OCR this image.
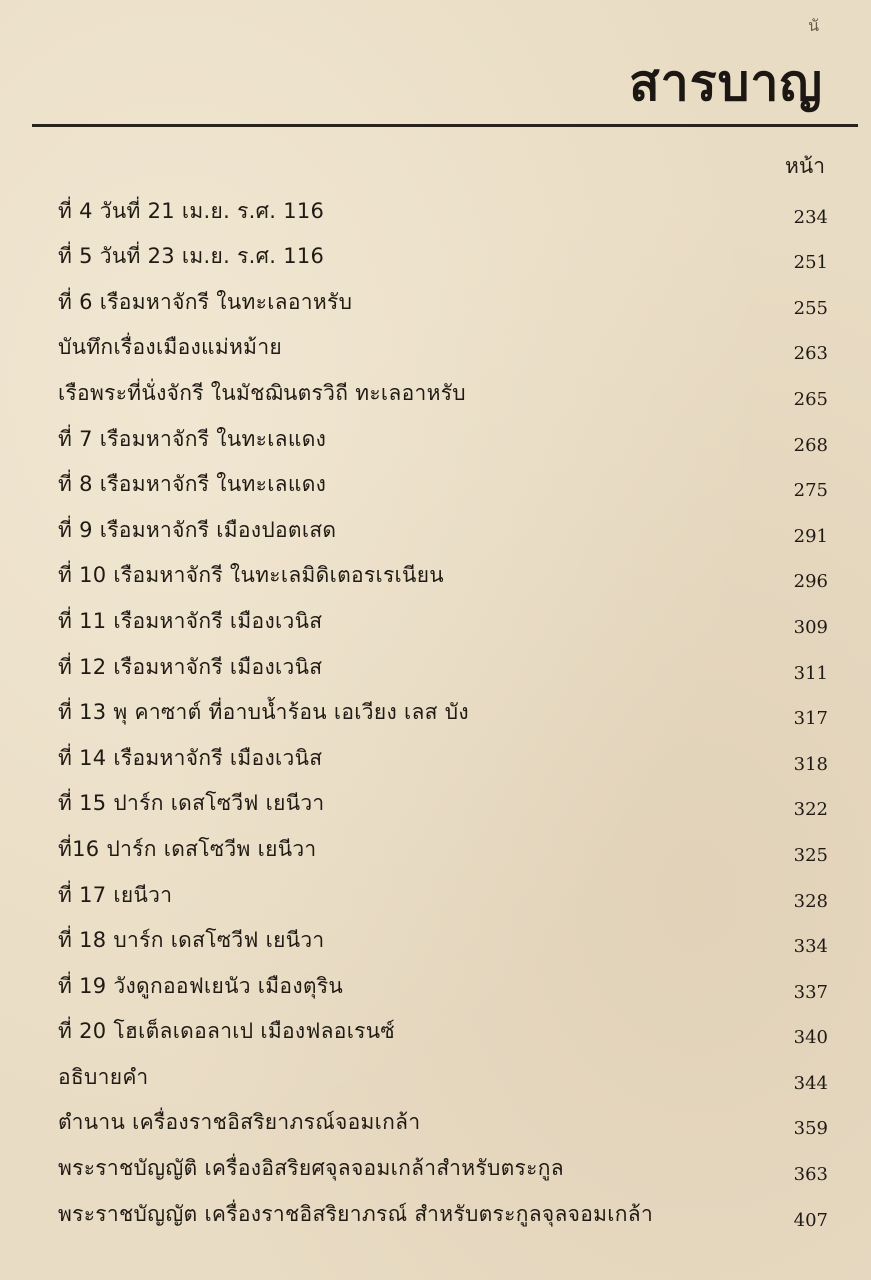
นั
สารบาญ
หน้า
ที่ 4 วันที่ 21 เม.ย. ร.ศ. 116	234
ที่ 5 วันที่ 23 เม.ย. ร.ศ. 116	251
ที่ 6 เรือมหาจักรี ในทะเลอาหรับ	255
บันทึกเรื่องเมืองแม่หม้าย	263
เรือพระที่นั่งจักรี ในมัชฌินตรวิถี ทะเลอาหรับ	265
ที่ 7 เรือมหาจักรี ในทะเลแดง	268
ที่ 8 เรือมหาจักรี ในทะเลแดง	275
ที่ 9 เรือมหาจักรี เมืองปอตเสด	291
ที่ 10 เรือมหาจักรี ในทะเลมิดิเตอรเรเนียน	296
ที่ 11 เรือมหาจักรี เมืองเวนิส	309
ที่ 12 เรือมหาจักรี เมืองเวนิส	311
ที่ 13 พุ คาซาต์ ที่อาบน้ำร้อน เอเวียง เลส บัง	317
ที่ 14 เรือมหาจักรี เมืองเวนิส	318
ที่ 15 ปาร์ก เดสโซวีฟ เยนีวา	322
ที่16 ปาร์ก เดสโซวีพ เยนีวา	325
ที่ 17 เยนีวา	328
ที่ 18 บาร์ก เดสโซวีฟ เยนีวา	334
ที่ 19 วังดูกออฟเยนัว เมืองตุริน	337
ที่ 20 โฮเต็ลเดอลาเป เมืองฟลอเรนซ์	340
อธิบายคำ	344
ตำนาน เครื่องราชอิสริยาภรณ์จอมเกล้า	359
พระราชบัญญัติ เครื่องอิสริยศจุลจอมเกล้าสำหรับตระกูล	363
พระราชบัญญัต เครื่องราชอิสริยาภรณ์ สำหรับตระกูลจุลจอมเกล้า	407
